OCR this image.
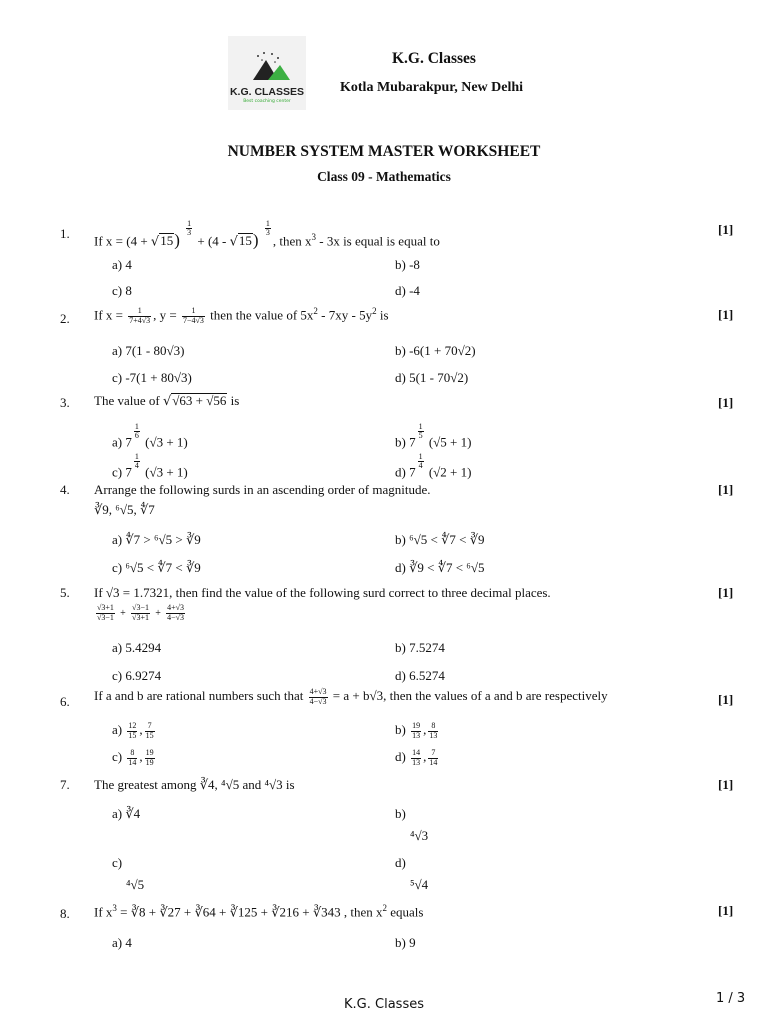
K.G. CLASSES
Best coaching center
K.G. Classes
Kotla Mubarakpur, New Delhi
NUMBER SYSTEM MASTER WORKSHEET
Class 09 - Mathematics
1. If x = (4 + √15)
$\frac{1}{3}$
+ (4 - √15)
$\frac{1}{3}$
, then $x^3 - 3x$ is equal is equal to
[1]
a) 4	b) -8
c) 8	d) -4
2. If $x = \frac{1}{7+4√3}$ , $y = \frac{1}{7-4√3}$ then the value of $5x^2 - 7xy - 5y^2$ is	[1]
a) 7(1 - 80√3)	b) -6(1 + 70√2)
c) -7(1 + 80√3)	d) 5(1 - 70√2)
3. The value of √√63 + √56 is	[1]
a) 7
$\frac{1}{6}$
(√3 + 1)	b) 7
$\frac{1}{5}$
(√5 + 1)
c) 7
$\frac{1}{4}$
(√3 + 1)	d) 7
$\frac{1}{4}$
(√2 + 1)
4. Arrange the following surds in an ascending order of magnitude.
∛9, ⁶√5, ∜7
[1]
a) ∜7 > ⁶√5 > ∛9	b) ⁶√5 < ∜7 < ∛9
c) ⁶√5 < ∜7 < ∛9	d) ∛9 < ∜7 < ⁶√5
5. If √3 = 1.7321, then find the value of the following surd correct to three decimal places.
$\frac{√3+1}{√3-1} + \frac{√3-1}{√3+1} + \frac{4+√3}{4-√3}$
[1]
a) 5.4294	b) 7.5274
c) 6.9274	d) 6.5274
6. If a and b are rational numbers such that $\frac{4+√3}{4-√3} = a + b√3$, then the values of a and b are respectively	[1]
$a) \frac{12}{15}$ , $\frac{7}{15}$	$b) \frac{19}{13}$ , $\frac{8}{13}$
$c) \frac{8}{14}$ , $\frac{19}{19}$	$d) \frac{14}{13}$ , $\frac{7}{14}$
7. The greatest among ∛4, ⁴√5 and ⁴√3 is	[1]
a) ∛4	b)
⁴√3
c)
⁴√5
d)
⁵√4
8. If $x^3$ = ∛8 + ∛27 + ∛64 + ∛125 + ∛216 + ∛343 , then $x^2$ equals	[1]
a) 4	b) 9
K.G. Classes	1 / 3
